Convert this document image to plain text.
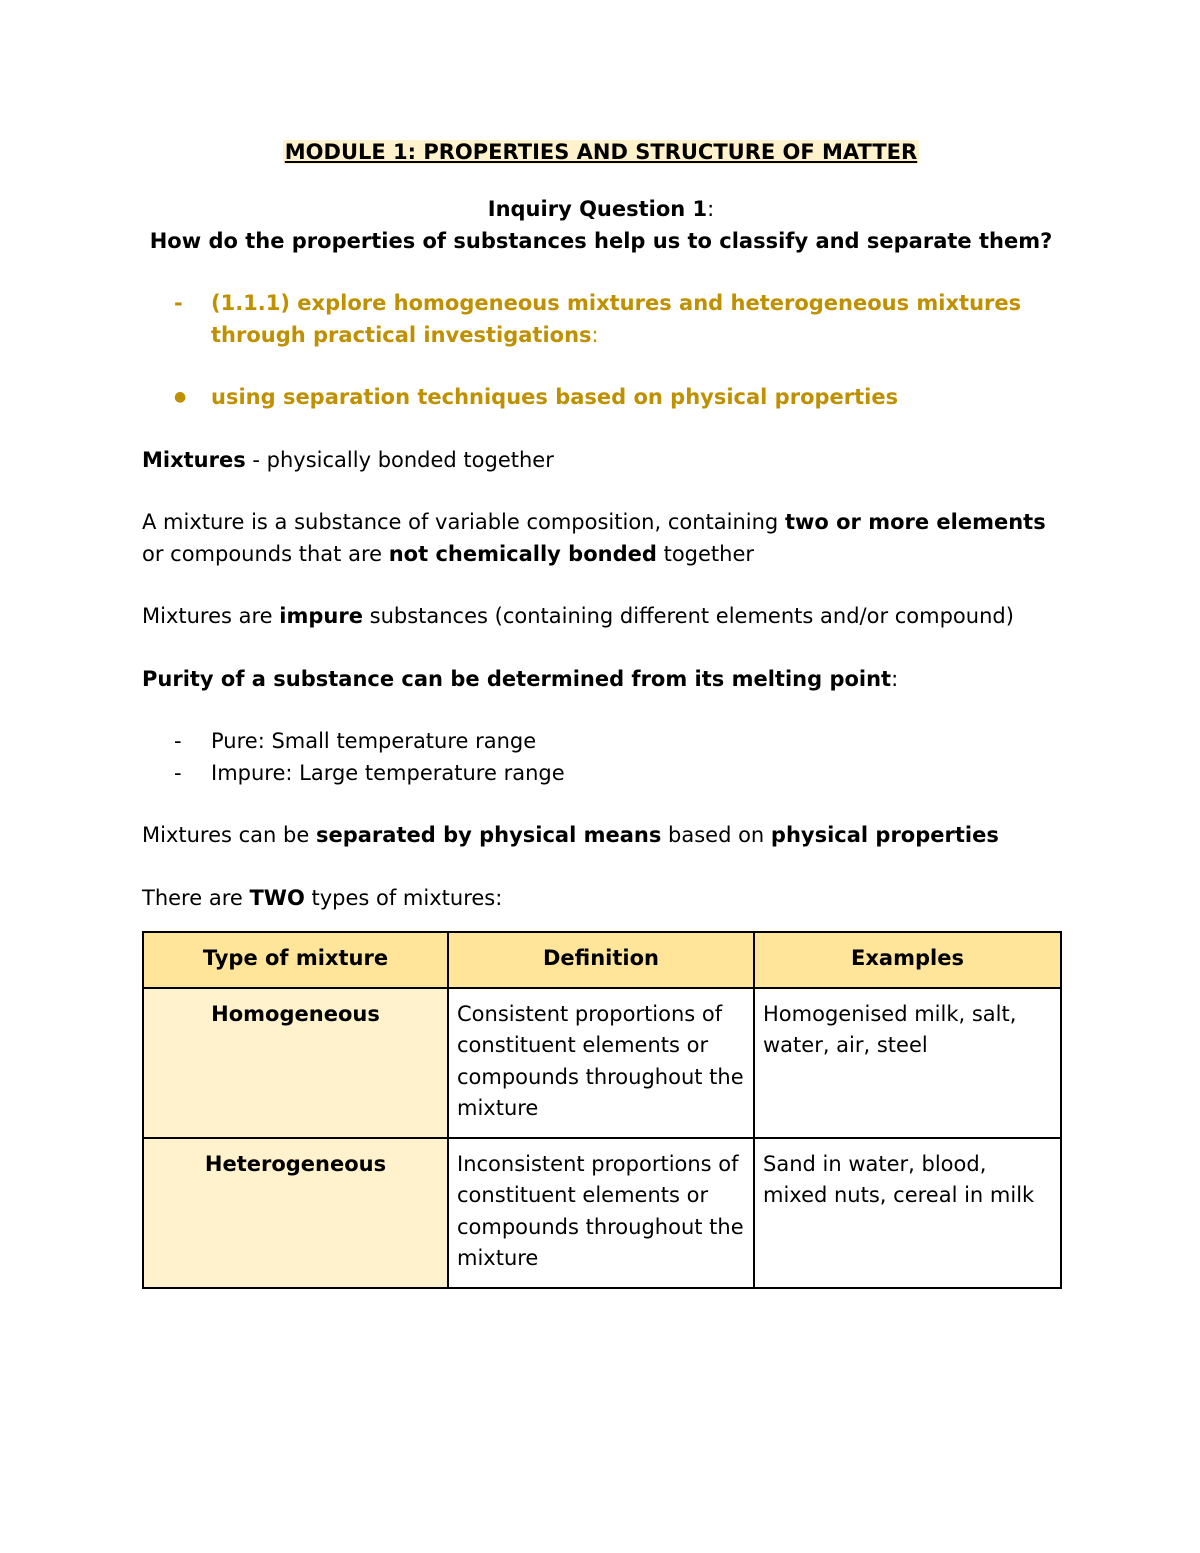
MODULE 1: PROPERTIES AND STRUCTURE OF MATTER
Inquiry Question 1:
How do the properties of substances help us to classify and separate them?
-	(1.1.1) explore homogeneous mixtures and heterogeneous mixtures through practical investigations:
●	using separation techniques based on physical properties

Mixtures - physically bonded together

A mixture is a substance of variable composition, containing two or more elements or compounds that are not chemically bonded together

Mixtures are impure substances (containing different elements and/or compound)

Purity of a substance can be determined from its melting point:

-	Pure: Small temperature range
-	Impure: Large temperature range

Mixtures can be separated by physical means based on physical properties

There are TWO types of mixtures:

Type of mixture	Definition	Examples
Homogeneous	Consistent proportions of constituent elements or compounds throughout the mixture	Homogenised milk, salt, water, air, steel
Heterogeneous	Inconsistent proportions of constituent elements or compounds throughout the mixture	Sand in water, blood, mixed nuts, cereal in milk
